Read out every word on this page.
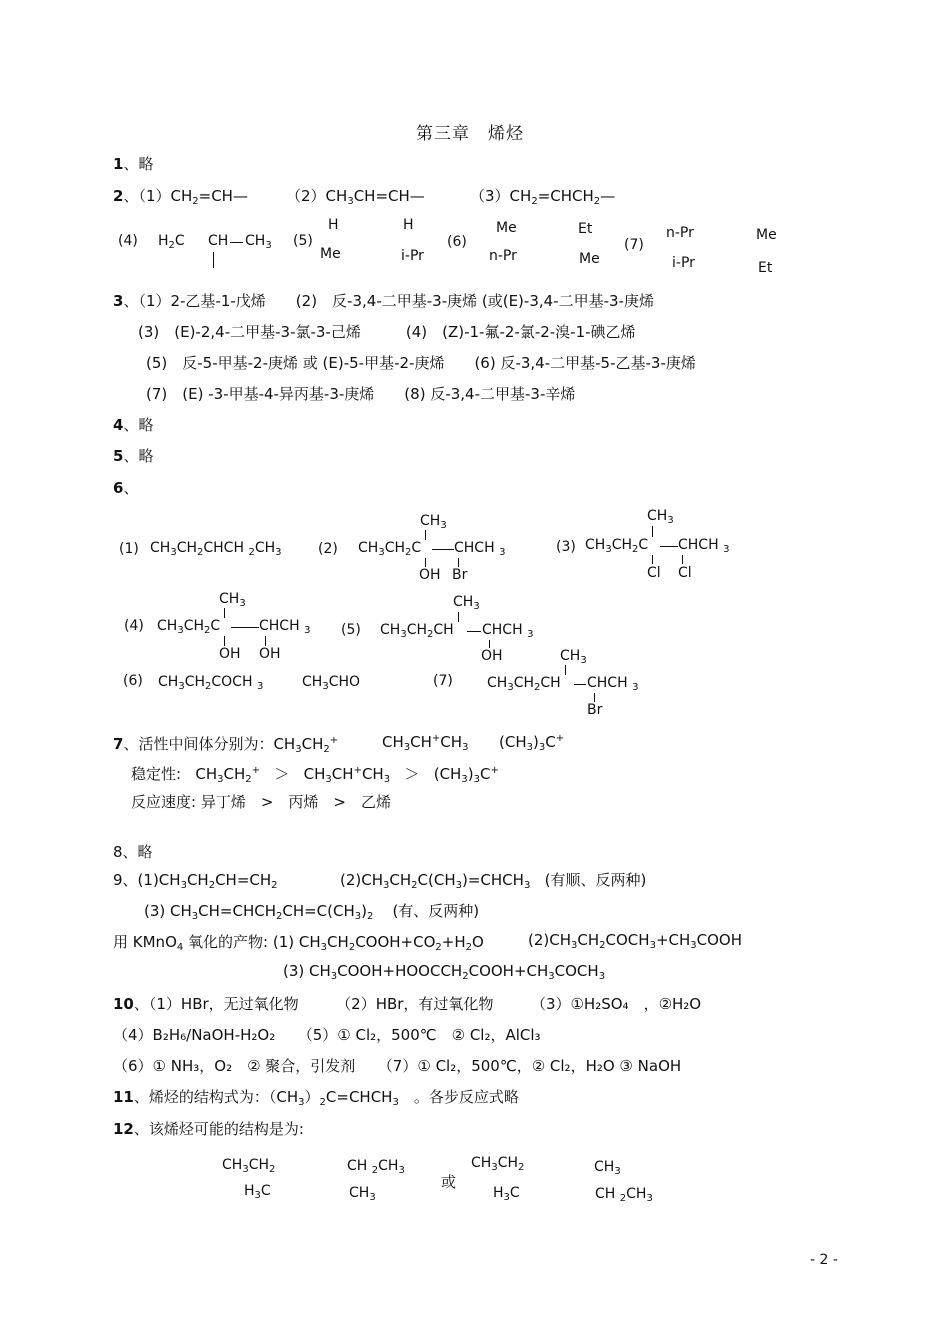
第三章　烯烃
1、略
2、$(1)CH_2=CH—$	$(2)CH_3CH=CH—$	$(3)CH_2=CHCH_2—$
(4) $H_2C$ CH $CH_3$ (5)
H
Me
H
i-Pr
(6)
Me
n-Pr
Et
Me
(7)
n-Pr
i-Pr
Me
Et
3、（1）2-乙基-1-戊烯　　(2)　反-3,4-二甲基-3-庚烯 (或(E)-3,4-二甲基-3-庚烯
(3)　(E)-2,4-二甲基-3-氯-3-己烯　　　(4)　(Z)-1-氟-2-氯-2-溴-1-碘乙烯
(5)　反-5-甲基-2-庚烯 或 (E)-5-甲基-2-庚烯　　(6) 反-3,4-二甲基-5-乙基-3-庚烯
(7)　(E) -3-甲基-4-异丙基-3-庚烯　　(8) 反-3,4-二甲基-3-辛烯
4、略
5、略
6、
(1) $CH_3CH_2CHCH$ $_2CH_3$	(2)
$CH_3$
$CH_3CH_2C$ CHCH $_3$
OH Br
(3)
$CH_3$
$CH_3CH_2C$ CHCH $_3$
Cl Cl
(4)
$CH_3$
$CH_3CH_2C$	CHCH $_3$
OH OH
(5)
$CH_3$
$CH_3CH_2CH$ CHCH $_3$
OH
(6) $CH_3CH_2COCH$ $_3$	$CH_3CHO$	(7)
$CH_3$
$CH_3CH_2CH$ CHCH $_3$
Br
7、活性中间体分别为：$CH_3CH_2^+$	$CH_3CH^+CH_3$ $(CH_3)_3C^+$
稳定性:   $CH_3CH_2^+ > CH_3CH^+CH_3 > (CH_3)_3C^+$
反应速度: 异丁烯　>　丙烯　>　乙烯
8、略
9、$(1)CH_3CH_2CH=CH_2$	$(2)CH_3CH_2C(CH_3)=CHCH_3$ (有顺、反两种)
(3) $CH_3CH=CHCH_2CH=C(CH_3)_2$ (有、反两种)
用 KMnO$_4$ 氧化的产物: (1) $CH_3CH_2COOH+CO_2+H_2O$	$(2)CH_3CH_2COCH_3+CH_3COOH$
(3) $CH_3COOH+HOOCCH_2COOH+CH_3COCH_3$
10、（1）HBr，无过氧化物　　　（2）HBr，有过氧化物　　　（3）①H₂SO₄　，②H₂O
（4）B₂H₆/NaOH-H₂O₂　　（5）① Cl₂，500℃　② Cl₂，AlCl₃
（6）① NH₃，O₂　② 聚合，引发剂　　（7）① Cl₂，500℃，② Cl₂，H₂O ③ NaOH
11、烯烃的结构式为：$(CH_3)_2C=CHCH_3$　。各步反应式略
12、该烯烃可能的结构是为:
$CH_3CH_2$
$H_3C$
CH $_2CH_3$
$CH_3$
或
$CH_3CH_2$
$H_3C$
$CH_3$
CH $_2CH_3$
- 2 -
